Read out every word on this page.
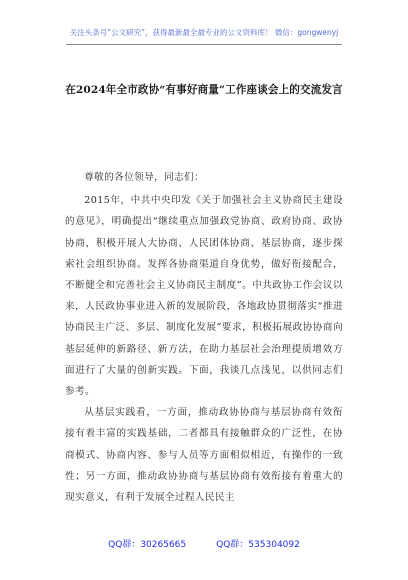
关注头条号“公文研究”，获得最新最全最专业的公文资料库！ 微信：gongwenyj
在2024年全市政协“有事好商量”工作座谈会上的交流发言

尊敬的各位领导，同志们：

2015年，中共中央印发《关于加强社会主义协商民主建设的意见》，明确提出“继续重点加强政党协商、政府协商、政协协商，积极开展人大协商、人民团体协商、基层协商，逐步探索社会组织协商。发挥各协商渠道自身优势，做好衔接配合，不断健全和完善社会主义协商民主制度”。中共政协工作会议以来，人民政协事业进入新的发展阶段，各地政协贯彻落实“推进协商民主广泛、多层、制度化发展”要求，积极拓展政协协商向基层延伸的新路径、新方法，在助力基层社会治理提质增效方面进行了大量的创新实践。下面，我谈几点浅见，以供同志们参考。

从基层实践看，一方面，推动政协协商与基层协商有效衔接有着丰富的实践基础，二者都具有接触群众的广泛性，在协商模式、协商内容、参与人员等方面相似相近，有操作的一致性；另一方面，推动政协协商与基层协商有效衔接有着重大的现实意义，有利于发展全过程人民民主

QQ群：30265665	QQ群：535304092
